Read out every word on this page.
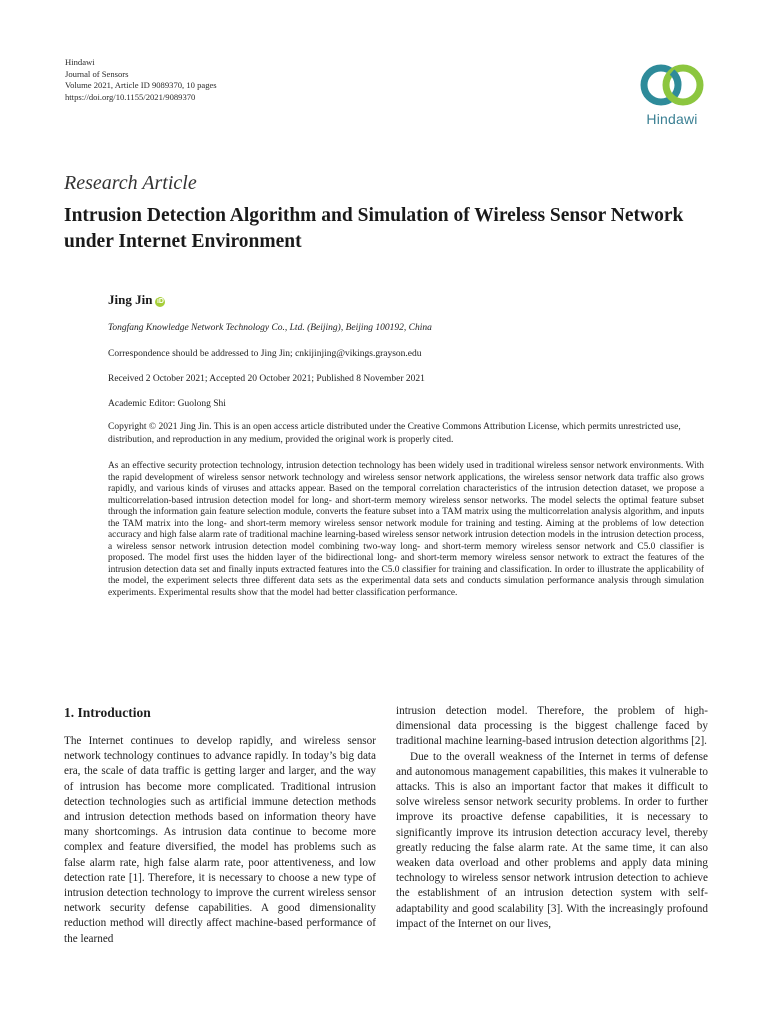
Hindawi
Journal of Sensors
Volume 2021, Article ID 9089370, 10 pages
https://doi.org/10.1155/2021/9089370
Hindawi
Research Article
Intrusion Detection Algorithm and Simulation of Wireless Sensor Network under Internet Environment
Jing Jin iD
Tongfang Knowledge Network Technology Co., Ltd. (Beijing), Beijing 100192, China
Correspondence should be addressed to Jing Jin; cnkijinjing@vikings.grayson.edu
Received 2 October 2021; Accepted 20 October 2021; Published 8 November 2021
Academic Editor: Guolong Shi
Copyright © 2021 Jing Jin. This is an open access article distributed under the Creative Commons Attribution License, which permits unrestricted use, distribution, and reproduction in any medium, provided the original work is properly cited.
As an effective security protection technology, intrusion detection technology has been widely used in traditional wireless sensor network environments. With the rapid development of wireless sensor network technology and wireless sensor network applications, the wireless sensor network data traffic also grows rapidly, and various kinds of viruses and attacks appear. Based on the temporal correlation characteristics of the intrusion detection dataset, we propose a multicorrelation-based intrusion detection model for long- and short-term memory wireless sensor networks. The model selects the optimal feature subset through the information gain feature selection module, converts the feature subset into a TAM matrix using the multicorrelation analysis algorithm, and inputs the TAM matrix into the long- and short-term memory wireless sensor network module for training and testing. Aiming at the problems of low detection accuracy and high false alarm rate of traditional machine learning-based wireless sensor network intrusion detection models in the intrusion detection process, a wireless sensor network intrusion detection model combining two-way long- and short-term memory wireless sensor network and C5.0 classifier is proposed. The model first uses the hidden layer of the bidirectional long- and short-term memory wireless sensor network to extract the features of the intrusion detection data set and finally inputs extracted features into the C5.0 classifier for training and classification. In order to illustrate the applicability of the model, the experiment selects three different data sets as the experimental data sets and conducts simulation performance analysis through simulation experiments. Experimental results show that the model had better classification performance.
1. Introduction

The Internet continues to develop rapidly, and wireless sensor network technology continues to advance rapidly. In today’s big data era, the scale of data traffic is getting larger and larger, and the way of intrusion has become more complicated. Traditional intrusion detection technologies such as artificial immune detection methods and intrusion detection methods based on information theory have many shortcomings. As intrusion data continue to become more complex and feature diversified, the model has problems such as false alarm rate, high false alarm rate, poor attentiveness, and low detection rate [1]. Therefore, it is necessary to choose a new type of intrusion detection technology to improve the current wireless sensor network security defense capabilities. A good dimensionality reduction method will directly affect machine-based performance of the learned

intrusion detection model. Therefore, the problem of high-dimensional data processing is the biggest challenge faced by traditional machine learning-based intrusion detection algorithms [2].

Due to the overall weakness of the Internet in terms of defense and autonomous management capabilities, this makes it vulnerable to attacks. This is also an important factor that makes it difficult to solve wireless sensor network security problems. In order to further improve its proactive defense capabilities, it is necessary to significantly improve its intrusion detection accuracy level, thereby greatly reducing the false alarm rate. At the same time, it can also weaken data overload and other problems and apply data mining technology to wireless sensor network intrusion detection to achieve the establishment of an intrusion detection system with self-adaptability and good scalability [3]. With the increasingly profound impact of the Internet on our lives,
